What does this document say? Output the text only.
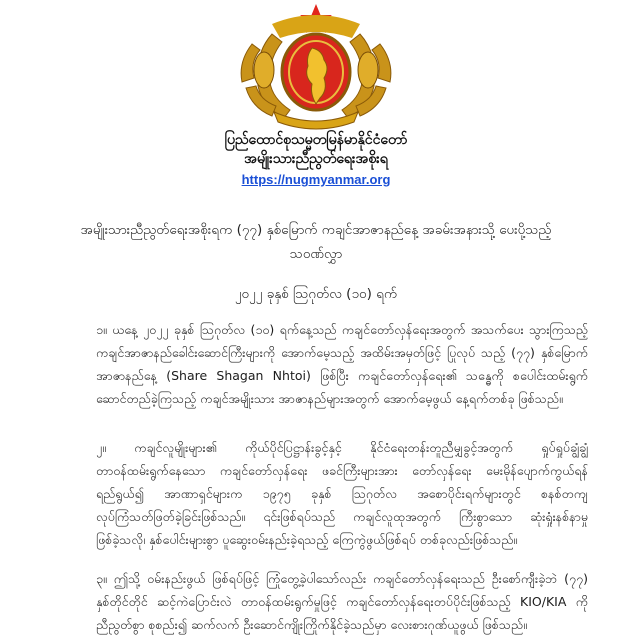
ပြည်ထောင်စုသမ္မတမြန်မာနိုင်ငံတော်
အမျိုးသားညီညွတ်ရေးအစိုးရ
https://nugmyanmar.org
အမျိုးသားညီညွတ်ရေးအစိုးရက (၇၇) နှစ်မြောက် ကချင်အာဇာနည်နေ့ အခမ်းအနားသို့ ပေးပို့သည့်
သဝဏ်လွှာ
၂၀၂၂ ခုနှစ် ဩဂုတ်လ (၁၀) ရက်
၁။ ယနေ့ ၂၀၂၂ ခုနှစ် ဩဂုတ်လ (၁၀) ရက်နေ့သည် ကချင်တော်လှန်ရေးအတွက် အသက်ပေး သွားကြသည့်
ကချင်အာဇာနည်ခေါင်းဆောင်ကြီးများကို အောက်မေ့သည့် အထိမ်းအမှတ်ဖြင့် ပြုလုပ် သည့် (၇၇) နှစ်မြောက်
အာဇာနည်နေ့ (Share Shagan Nhtoi) ဖြစ်ပြီး ကချင်တော်လှန်ရေး၏ သန္ဓေကို စပေါင်းထမ်းရွက်
ဆောင်တည်ခဲ့ကြသည့် ကချင်အမျိုးသား အာဇာနည်များအတွက် အောက်မေ့ဖွယ် နေ့ရက်တစ်ခု ဖြစ်သည်။
၂။ ကချင်လူမျိုးများ၏ ကိုယ်ပိုင်ပြဋ္ဌာန်းခွင့်နှင့် နိုင်ငံရေးတန်းတူညီမျှခွင့်အတွက် ရှုပ်ရှုပ်ချွံချွံ
တာဝန်ထမ်းရွက်နေသော ကချင်တော်လှန်ရေး ဖခင်ကြီးများအား တော်လှန်ရေး မေးမိုန်ပျောက်ကွယ်ရန်
ရည်ရွယ်၍ အာဏာရှင်များက ၁၉၇၅ ခုနှစ် ဩဂုတ်လ အစောပိုင်းရက်များတွင် စနစ်တကျ
လုပ်ကြံသတ်ဖြတ်ခဲ့ခြင်းဖြစ်သည်။ ၎င်းဖြစ်ရပ်သည် ကချင်လူထုအတွက် ကြီးစွာသော ဆုံးရှုံးနစ်နာမှု
ဖြစ်ခဲ့သလို၊ နှစ်ပေါင်းများစွာ ပူဆွေးဝမ်းနည်းခဲ့ရသည့် ကြေကွဲဖွယ်ဖြစ်ရပ် တစ်ခုလည်းဖြစ်သည်။
၃။ ဤသို့ ဝမ်းနည်းဖွယ် ဖြစ်ရပ်ဖြင့် ကြုံတွေ့ခဲ့ပါသော်လည်း ကချင်တော်လှန်ရေးသည် ဦးစော်ကျီးခဲ့ဘဲ (၇၇)
နှစ်တိုင်တိုင် ဆင့်ကဲပြောင်းလဲ တာဝန်ထမ်းရွက်မှုဖြင့် ကချင်တော်လှန်ရေးတပ်ပိုင်းဖြစ်သည့် KIO/KIA ကို
ညီညွတ်စွာ စုစည်း၍ ဆက်လက် ဦးဆောင်ကျိုးကြိုက်နိုင်ခဲ့သည်မှာ လေးစားဂုဏ်ယူဖွယ် ဖြစ်သည်။
